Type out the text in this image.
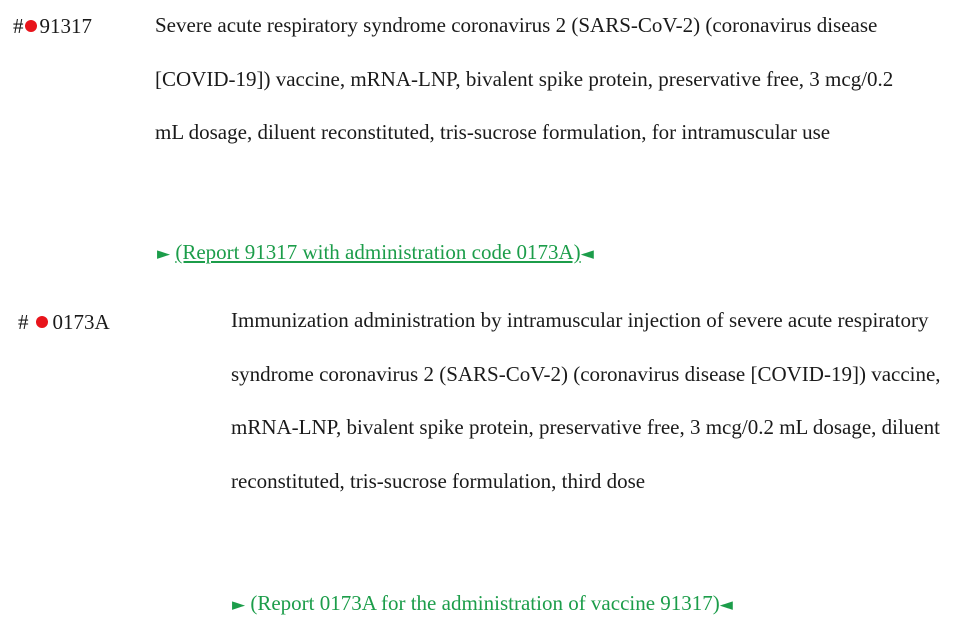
# 91317	Severe acute respiratory syndrome coronavirus 2 (SARS-CoV-2) (coronavirus disease [COVID-19]) vaccine, mRNA-LNP, bivalent spike protein, preservative free, 3 mcg/0.2 mL dosage, diluent reconstituted, tris-sucrose formulation, for intramuscular use

► (Report 91317 with administration code 0173A)◄
# 0173A	Immunization administration by intramuscular injection of severe acute respiratory syndrome coronavirus 2 (SARS-CoV-2) (coronavirus disease [COVID-19]) vaccine, mRNA-LNP, bivalent spike protein, preservative free, 3 mcg/0.2 mL dosage, diluent reconstituted, tris-sucrose formulation, third dose

► (Report 0173A for the administration of vaccine 91317)◄
